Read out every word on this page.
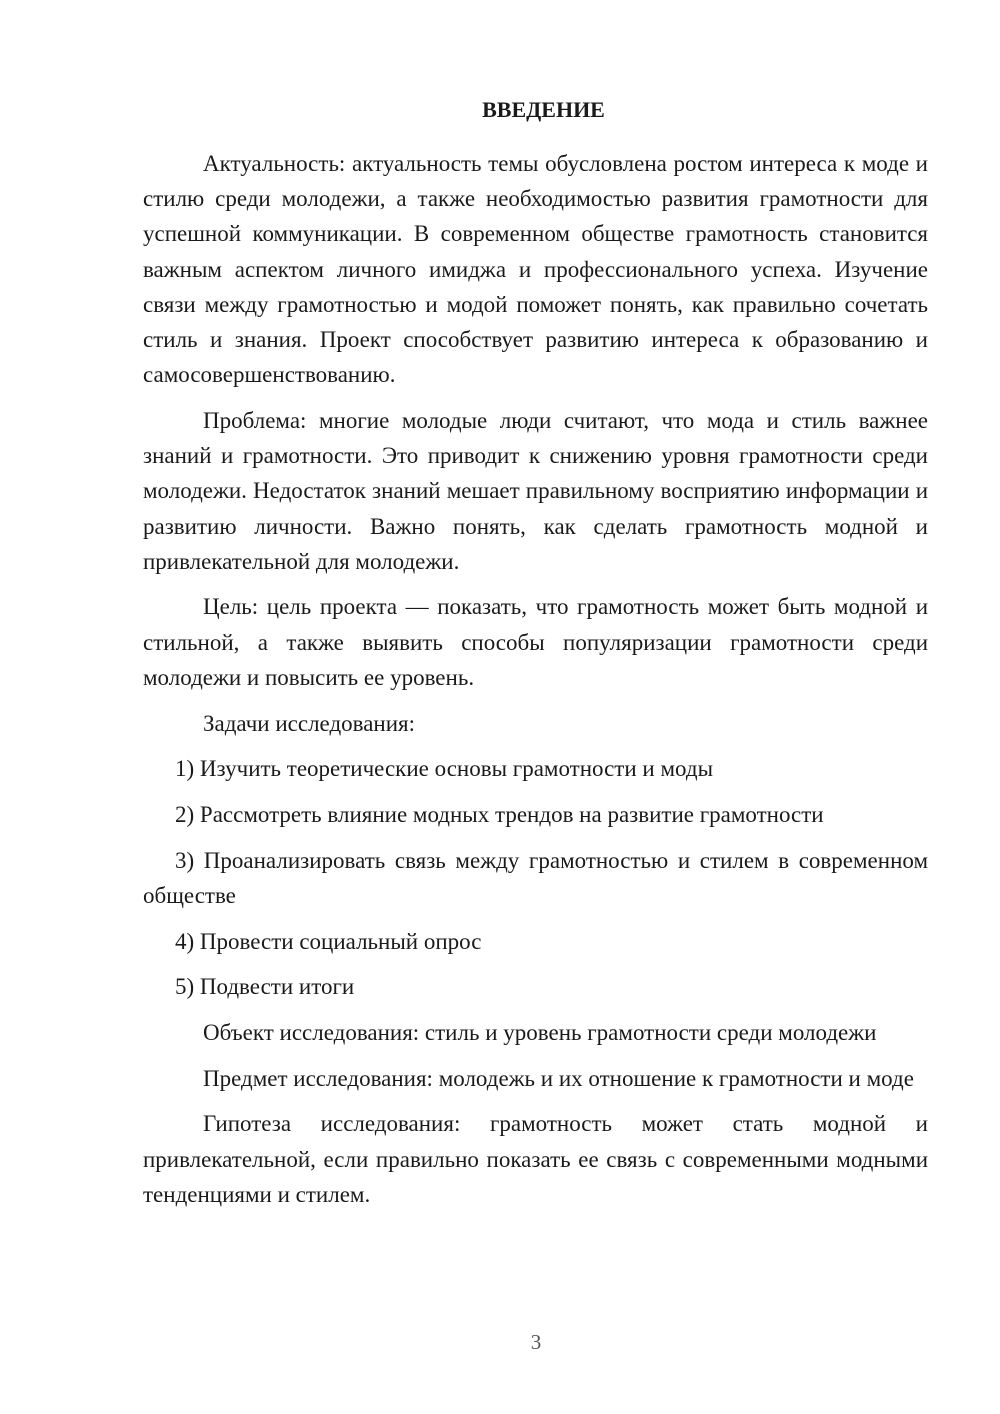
ВВЕДЕНИЕ

Актуальность: актуальность темы обусловлена ростом интереса к моде и стилю среди молодежи, а также необходимостью развития грамотности для успешной коммуникации. В современном обществе грамотность становится важным аспектом личного имиджа и профессионального успеха. Изучение связи между грамотностью и модой поможет понять, как правильно сочетать стиль и знания. Проект способствует развитию интереса к образованию и самосовершенствованию.

Проблема: многие молодые люди считают, что мода и стиль важнее знаний и грамотности. Это приводит к снижению уровня грамотности среди молодежи. Недостаток знаний мешает правильному восприятию информации и развитию личности. Важно понять, как сделать грамотность модной и привлекательной для молодежи.

Цель: цель проекта — показать, что грамотность может быть модной и стильной, а также выявить способы популяризации грамотности среди молодежи и повысить ее уровень.

Задачи исследования:

1) Изучить теоретические основы грамотности и моды

2) Рассмотреть влияние модных трендов на развитие грамотности

3) Проанализировать связь между грамотностью и стилем в современном обществе

4) Провести социальный опрос

5) Подвести итоги

Объект исследования: стиль и уровень грамотности среди молодежи

Предмет исследования: молодежь и их отношение к грамотности и моде

Гипотеза исследования: грамотность может стать модной и привлекательной, если правильно показать ее связь с современными модными тенденциями и стилем.

3
